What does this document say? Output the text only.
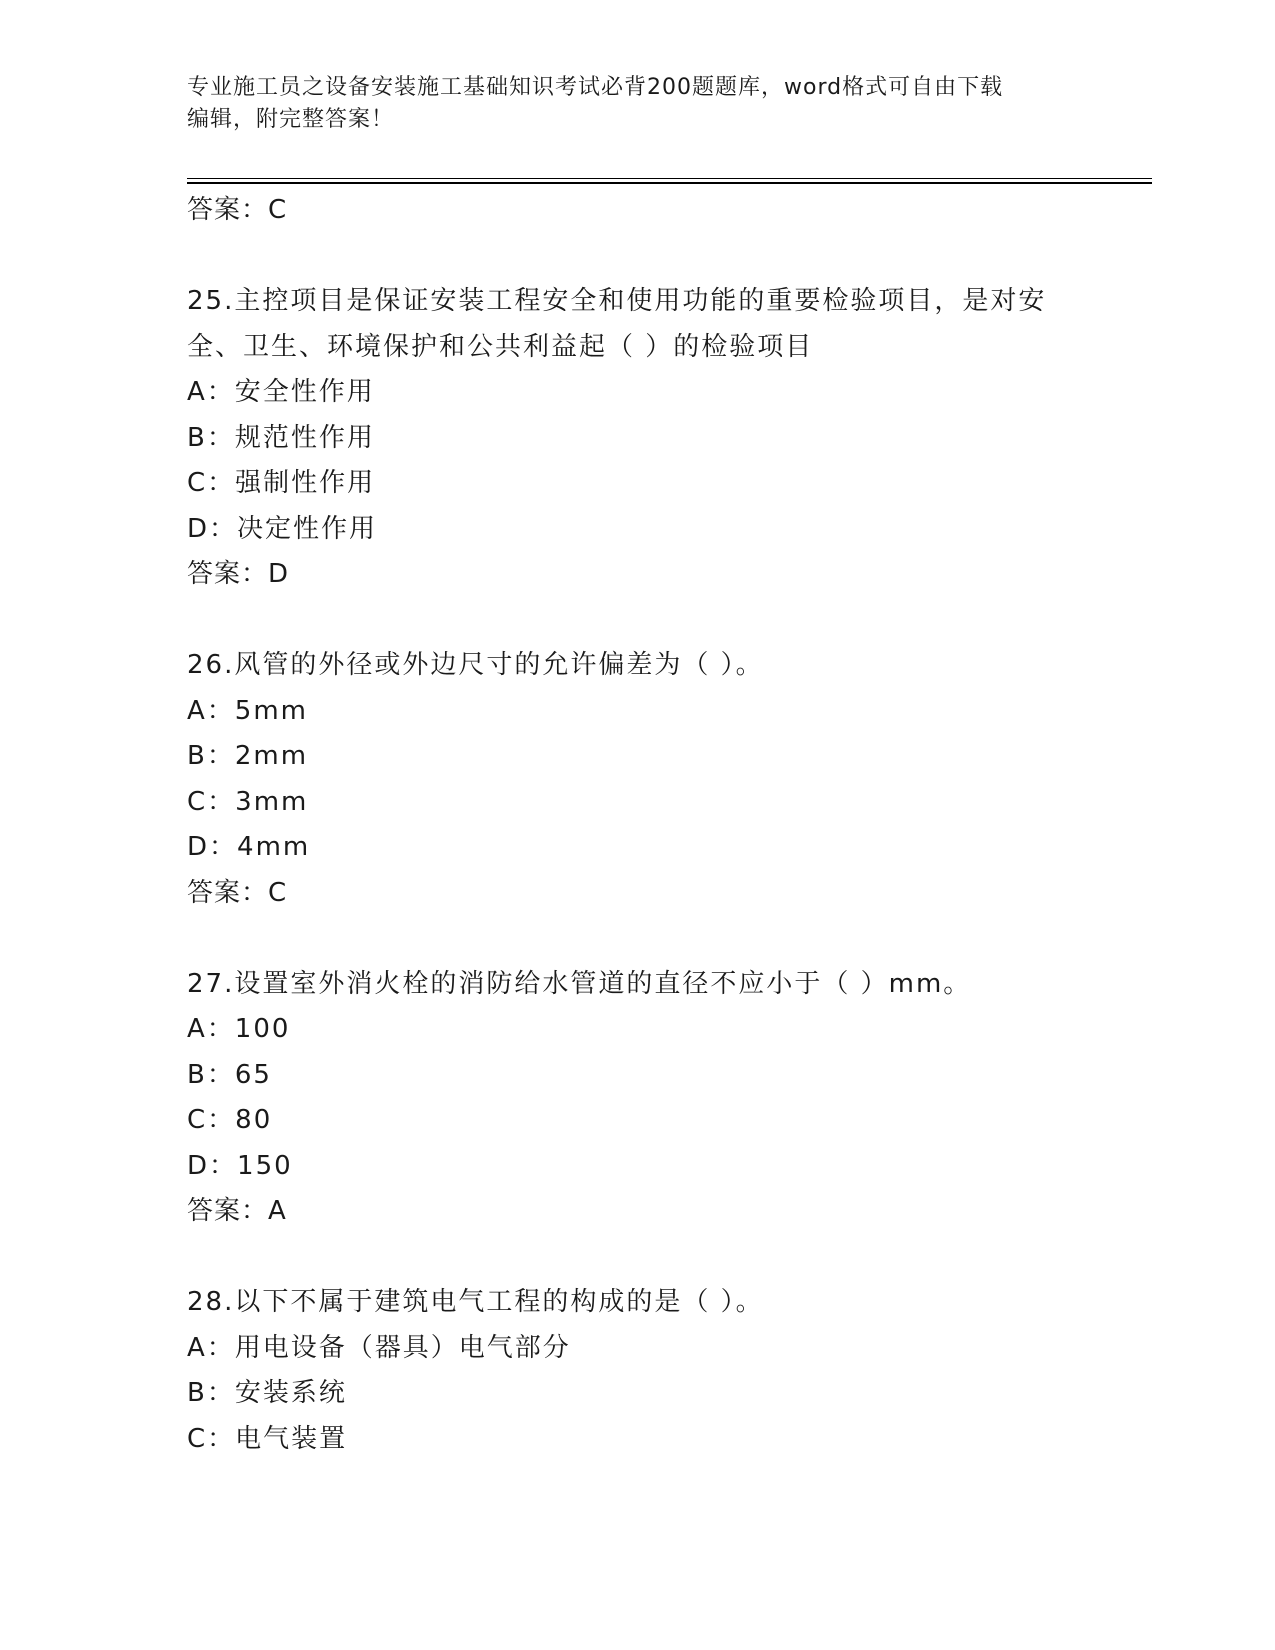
专业施工员之设备安装施工基础知识考试必背200题题库，word格式可自由下载
编辑，附完整答案！
答案：C
25.主控项目是保证安装工程安全和使用功能的重要检验项目，是对安
全、卫生、环境保护和公共利益起（ ）的检验项目
A：安全性作用
B：规范性作用
C：强制性作用
D：决定性作用
答案：D
26.风管的外径或外边尺寸的允许偏差为（ ）。
A：5mm
B：2mm
C：3mm
D：4mm
答案：C
27.设置室外消火栓的消防给水管道的直径不应小于（ ）mm。
A：100
B：65
C：80
D：150
答案：A
28.以下不属于建筑电气工程的构成的是（ ）。
A：用电设备（器具）电气部分
B：安装系统
C：电气装置
